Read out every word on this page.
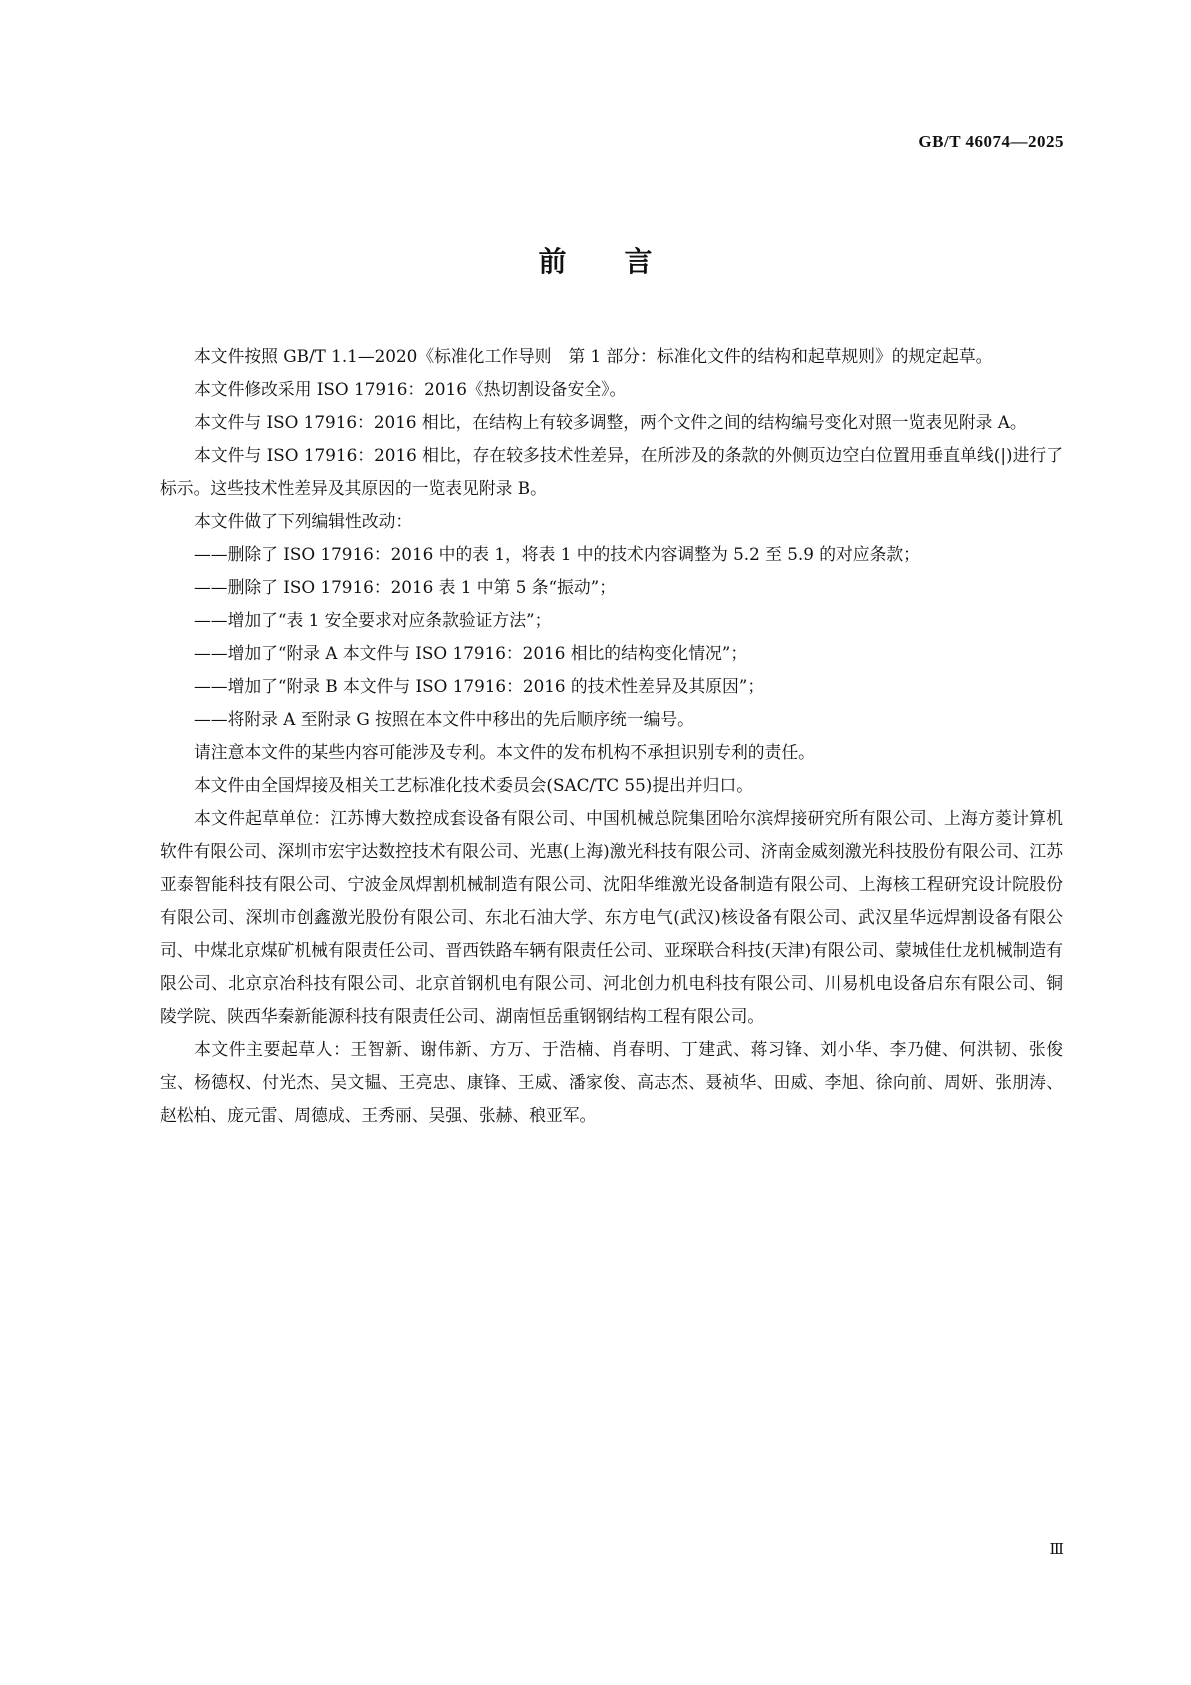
GB/T 46074—2025
前言

本文件按照 GB/T 1.1—2020《标准化工作导则　第 1 部分：标准化文件的结构和起草规则》的规定起草。

本文件修改采用 ISO 17916：2016《热切割设备安全》。

本文件与 ISO 17916：2016 相比，在结构上有较多调整，两个文件之间的结构编号变化对照一览表见附录 A。

本文件与 ISO 17916：2016 相比，存在较多技术性差异，在所涉及的条款的外侧页边空白位置用垂直单线(|)进行了标示。这些技术性差异及其原因的一览表见附录 B。

本文件做了下列编辑性改动：

——删除了 ISO 17916：2016 中的表 1，将表 1 中的技术内容调整为 5.2 至 5.9 的对应条款；

——删除了 ISO 17916：2016 表 1 中第 5 条“振动”；

——增加了“表 1 安全要求对应条款验证方法”；

——增加了“附录 A 本文件与 ISO 17916：2016 相比的结构变化情况”；

——增加了“附录 B 本文件与 ISO 17916：2016 的技术性差异及其原因”；

——将附录 A 至附录 G 按照在本文件中移出的先后顺序统一编号。

请注意本文件的某些内容可能涉及专利。本文件的发布机构不承担识别专利的责任。

本文件由全国焊接及相关工艺标准化技术委员会(SAC/TC 55)提出并归口。

本文件起草单位：江苏博大数控成套设备有限公司、中国机械总院集团哈尔滨焊接研究所有限公司、上海方菱计算机软件有限公司、深圳市宏宇达数控技术有限公司、光惠(上海)激光科技有限公司、济南金威刻激光科技股份有限公司、江苏亚泰智能科技有限公司、宁波金凤焊割机械制造有限公司、沈阳华维激光设备制造有限公司、上海核工程研究设计院股份有限公司、深圳市创鑫激光股份有限公司、东北石油大学、东方电气(武汉)核设备有限公司、武汉星华远焊割设备有限公司、中煤北京煤矿机械有限责任公司、晋西铁路车辆有限责任公司、亚琛联合科技(天津)有限公司、蒙城佳仕龙机械制造有限公司、北京京冶科技有限公司、北京首钢机电有限公司、河北创力机电科技有限公司、川易机电设备启东有限公司、铜陵学院、陕西华秦新能源科技有限责任公司、湖南恒岳重钢钢结构工程有限公司。

本文件主要起草人：王智新、谢伟新、方万、于浩楠、肖春明、丁建武、蒋习锋、刘小华、李乃健、何洪韧、张俊宝、杨德权、付光杰、吴文韫、王亮忠、康锋、王威、潘家俊、高志杰、聂祯华、田威、李旭、徐向前、周妍、张朋涛、赵松柏、庞元雷、周德成、王秀丽、吴强、张赫、稂亚军。

Ⅲ
